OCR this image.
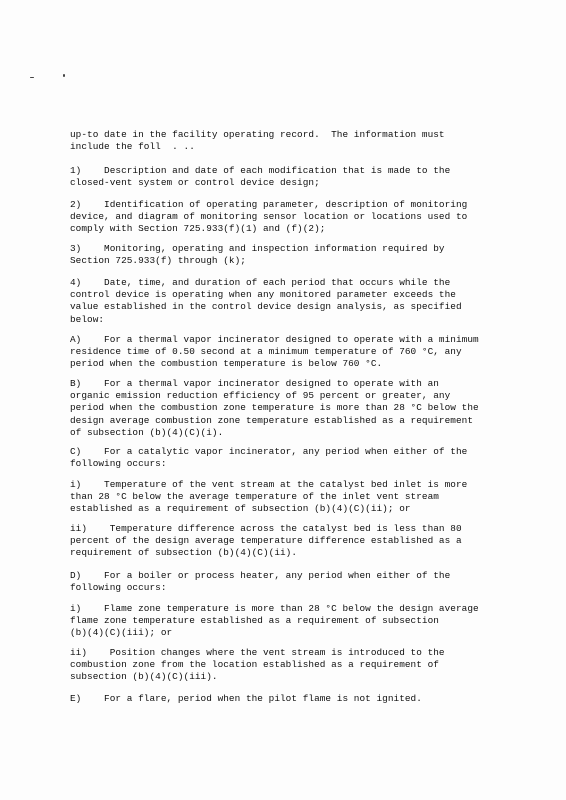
up-to date in the facility operating record.  The information must
include the foll  . ..

1)    Description and date of each modification that is made to the
closed-vent system or control device design;

2)    Identification of operating parameter, description of monitoring
device, and diagram of monitoring sensor location or locations used to
comply with Section 725.933(f)(1) and (f)(2);

3)    Monitoring, operating and inspection information required by
Section 725.933(f) through (k);

4)    Date, time, and duration of each period that occurs while the
control device is operating when any monitored parameter exceeds the
value established in the control device design analysis, as specified
below:

A)    For a thermal vapor incinerator designed to operate with a minimum
residence time of 0.50 second at a minimum temperature of 760 °C, any
period when the combustion temperature is below 760 °C.

B)    For a thermal vapor incinerator designed to operate with an
organic emission reduction efficiency of 95 percent or greater, any
period when the combustion zone temperature is more than 28 °C below the
design average combustion zone temperature established as a requirement
of subsection (b)(4)(C)(i).

C)    For a catalytic vapor incinerator, any period when either of the
following occurs:

i)    Temperature of the vent stream at the catalyst bed inlet is more
than 28 °C below the average temperature of the inlet vent stream
established as a requirement of subsection (b)(4)(C)(ii); or

ii)    Temperature difference across the catalyst bed is less than 80
percent of the design average temperature difference established as a
requirement of subsection (b)(4)(C)(ii).

D)    For a boiler or process heater, any period when either of the
following occurs:

i)    Flame zone temperature is more than 28 °C below the design average
flame zone temperature established as a requirement of subsection
(b)(4)(C)(iii); or

ii)    Position changes where the vent stream is introduced to the
combustion zone from the location established as a requirement of
subsection (b)(4)(C)(iii).

E)    For a flare, period when the pilot flame is not ignited.
